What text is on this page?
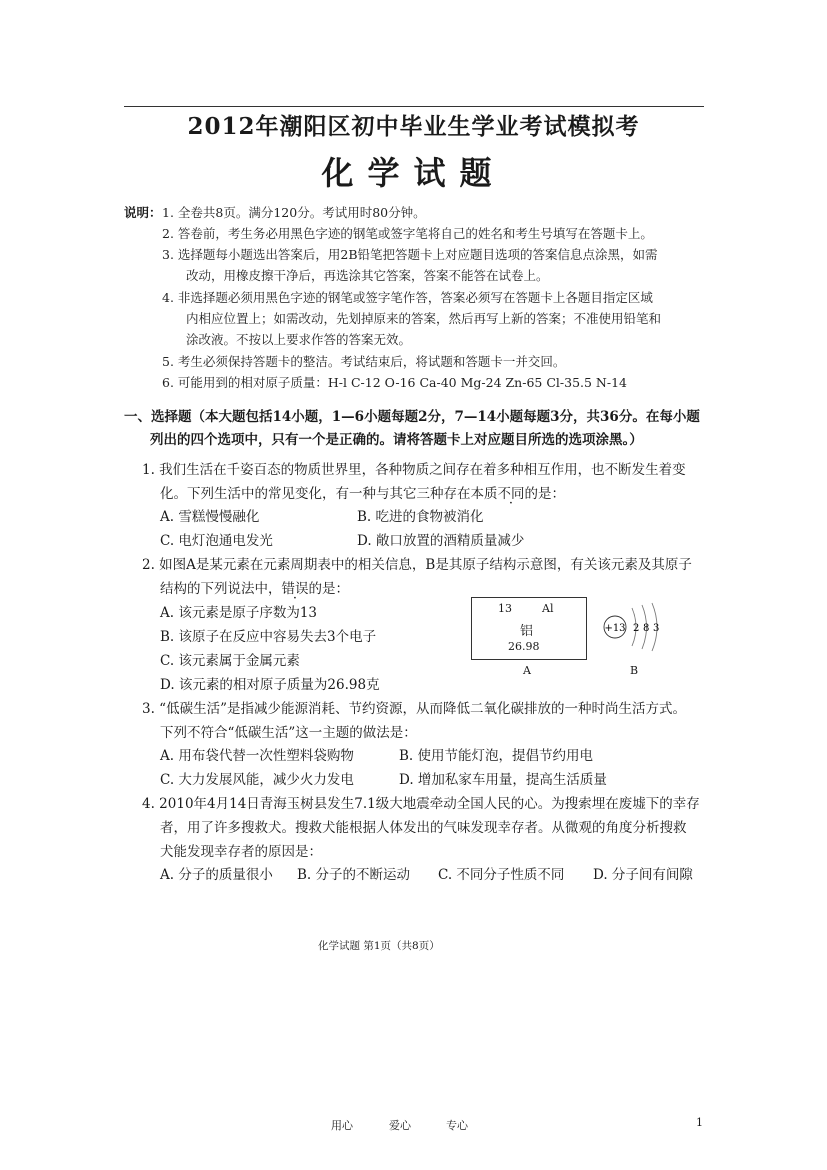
2012年潮阳区初中毕业生学业考试模拟考
化学试题
说明： 1. 全卷共8页。满分120分。考试用时80分钟。
2. 答卷前，考生务必用黑色字迹的钢笔或签字笔将自己的姓名和考生号填写在答题卡上。
3. 选择题每小题选出答案后，用2B铅笔把答题卡上对应题目选项的答案信息点涂黑，如需
改动，用橡皮擦干净后，再选涂其它答案，答案不能答在试卷上。
4. 非选择题必须用黑色字迹的钢笔或签字笔作答，答案必须写在答题卡上各题目指定区域
内相应位置上；如需改动，先划掉原来的答案，然后再写上新的答案；不准使用铅笔和
涂改液。不按以上要求作答的答案无效。
5. 考生必须保持答题卡的整洁。考试结束后，将试题和答题卡一并交回。
6. 可能用到的相对原子质量：H-l C-12 O-16 Ca-40 Mg-24 Zn-65 Cl-35.5 N-14
一、选择题（本大题包括14小题，1—6小题每题2分，7—14小题每题3分，共36分。在每小题
列出的四个选项中，只有一个是正确的。请将答题卡上对应题目所选的选项涂黑。）
1. 我们生活在千姿百态的物质世界里，各种物质之间存在着多种相互作用，也不断发生着变
化。下列生活中的常见变化，有一种与其它三种存在本质不同的是：
A. 雪糕慢慢融化	B. 吃进的食物被消化
C. 电灯泡通电发光	D. 敞口放置的酒精质量减少
2. 如图A是某元素在元素周期表中的相关信息，B是其原子结构示意图，有关该元素及其原子
结构的下列说法中，错误的是：
A. 该元素是原子序数为13
B. 该原子在反应中容易失去3个电子
C. 该元素属于金属元素
D. 该元素的相对原子质量为26.98克
13	Al
铝
26.98
A
+13 2 8 3
B
3. “低碳生活”是指减少能源消耗、节约资源，从而降低二氧化碳排放的一种时尚生活方式。
下列不符合“低碳生活”这一主题的做法是：
A. 用布袋代替一次性塑料袋购物	B. 使用节能灯泡，提倡节约用电
C. 大力发展风能，减少火力发电	D. 增加私家车用量，提高生活质量
4. 2010年4月14日青海玉树县发生7.1级大地震牵动全国人民的心。为搜索埋在废墟下的幸存
者，用了许多搜救犬。搜救犬能根据人体发出的气味发现幸存者。从微观的角度分析搜救
犬能发现幸存者的原因是：
A. 分子的质量很小 B. 分子的不断运动 C. 不同分子性质不同 D. 分子间有间隙
化学试题 第1页（共8页）
用心	爱心	专心	1
